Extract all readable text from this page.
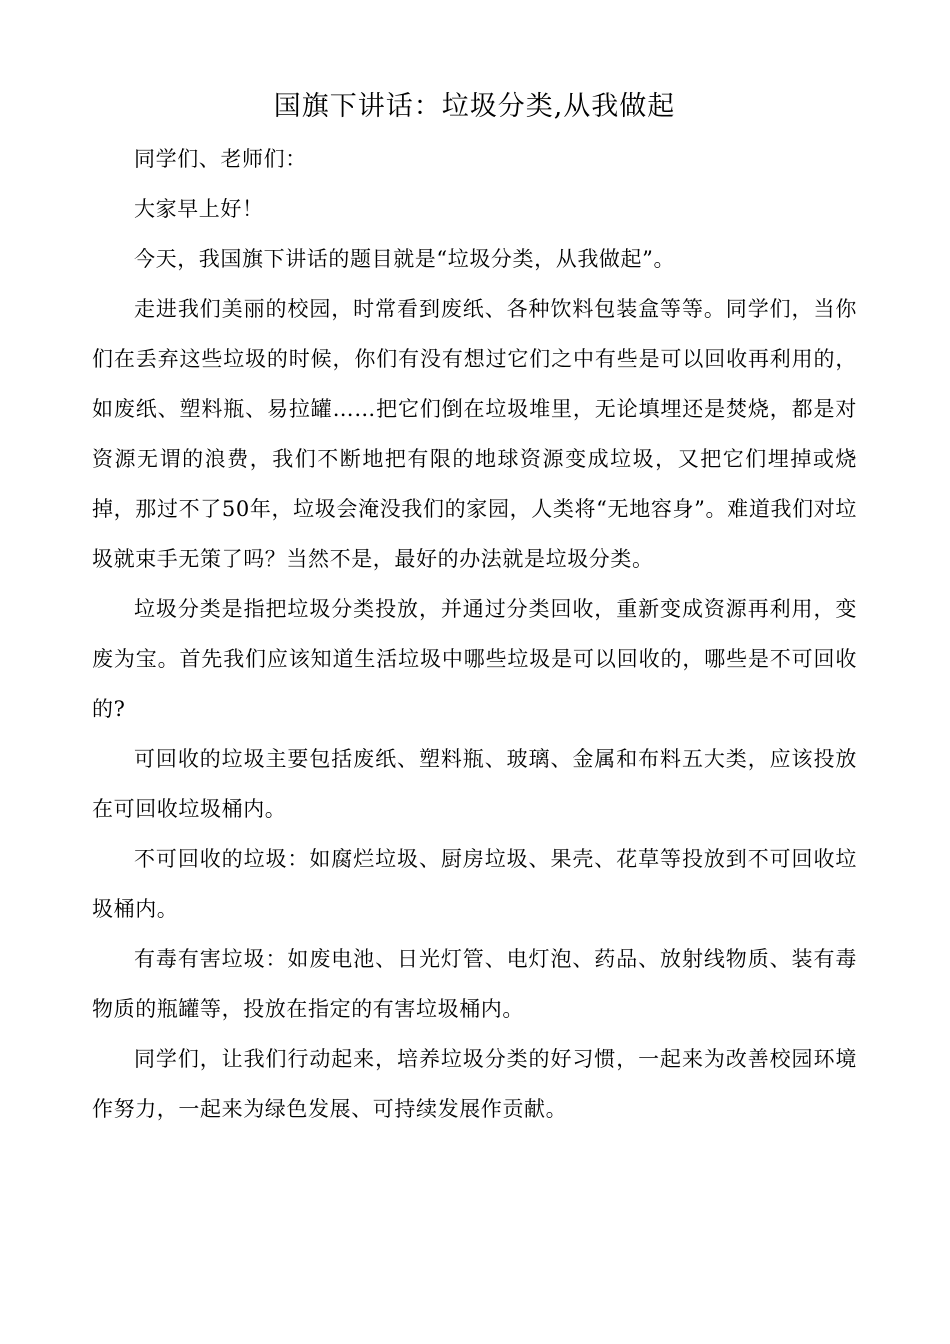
国旗下讲话：垃圾分类,从我做起

同学们、老师们：

大家早上好！

今天，我国旗下讲话的题目就是“垃圾分类，从我做起”。

走进我们美丽的校园，时常看到废纸、各种饮料包装盒等等。同学们，当你们在丢弃这些垃圾的时候，你们有没有想过它们之中有些是可以回收再利用的，如废纸、塑料瓶、易拉罐……把它们倒在垃圾堆里，无论填埋还是焚烧，都是对资源无谓的浪费，我们不断地把有限的地球资源变成垃圾，又把它们埋掉或烧掉，那过不了50年，垃圾会淹没我们的家园，人类将“无地容身”。难道我们对垃圾就束手无策了吗？当然不是，最好的办法就是垃圾分类。

垃圾分类是指把垃圾分类投放，并通过分类回收，重新变成资源再利用，变废为宝。首先我们应该知道生活垃圾中哪些垃圾是可以回收的，哪些是不可回收的?

可回收的垃圾主要包括废纸、塑料瓶、玻璃、金属和布料五大类，应该投放在可回收垃圾桶内。

不可回收的垃圾：如腐烂垃圾、厨房垃圾、果壳、花草等投放到不可回收垃圾桶内。

有毒有害垃圾：如废电池、日光灯管、电灯泡、药品、放射线物质、装有毒物质的瓶罐等，投放在指定的有害垃圾桶内。

同学们，让我们行动起来，培养垃圾分类的好习惯，一起来为改善校园环境作努力，一起来为绿色发展、可持续发展作贡献。
